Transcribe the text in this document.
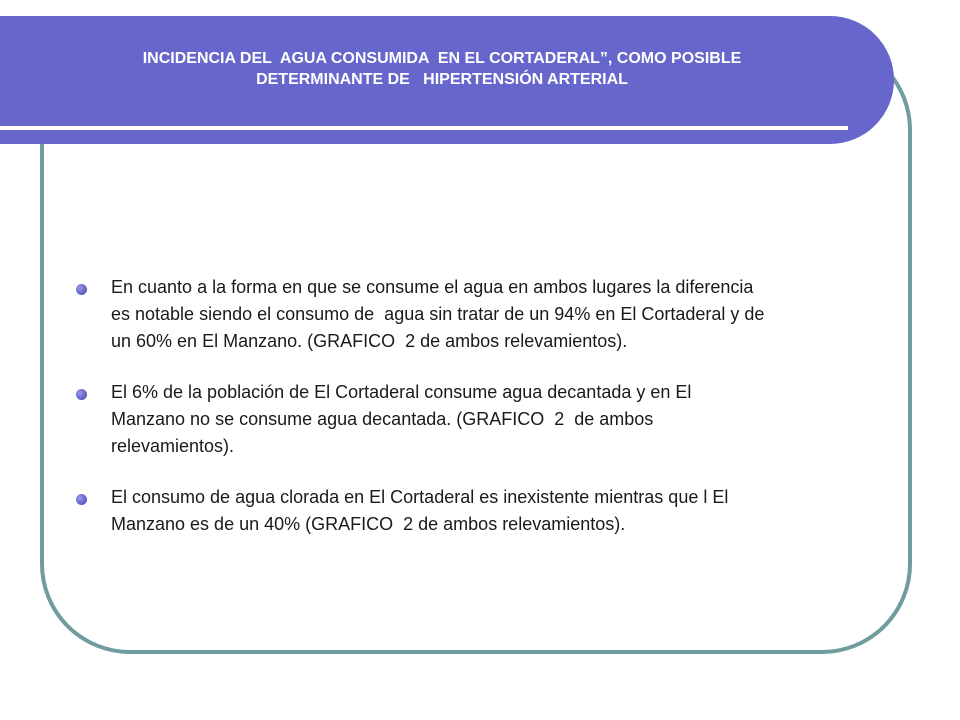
INCIDENCIA DEL  AGUA CONSUMIDA  EN EL CORTADERAL”, COMO POSIBLE
DETERMINANTE DE   HIPERTENSIÓN ARTERIAL
En cuanto a la forma en que se consume el agua en ambos lugares la diferencia
es notable siendo el consumo de  agua sin tratar de un 94% en El Cortaderal y de
un 60% en El Manzano. (GRAFICO  2 de ambos relevamientos).
El 6% de la población de El Cortaderal consume agua decantada y en El
Manzano no se consume agua decantada. (GRAFICO  2  de ambos
relevamientos).
El consumo de agua clorada en El Cortaderal es inexistente mientras que l El
Manzano es de un 40% (GRAFICO  2 de ambos relevamientos).
